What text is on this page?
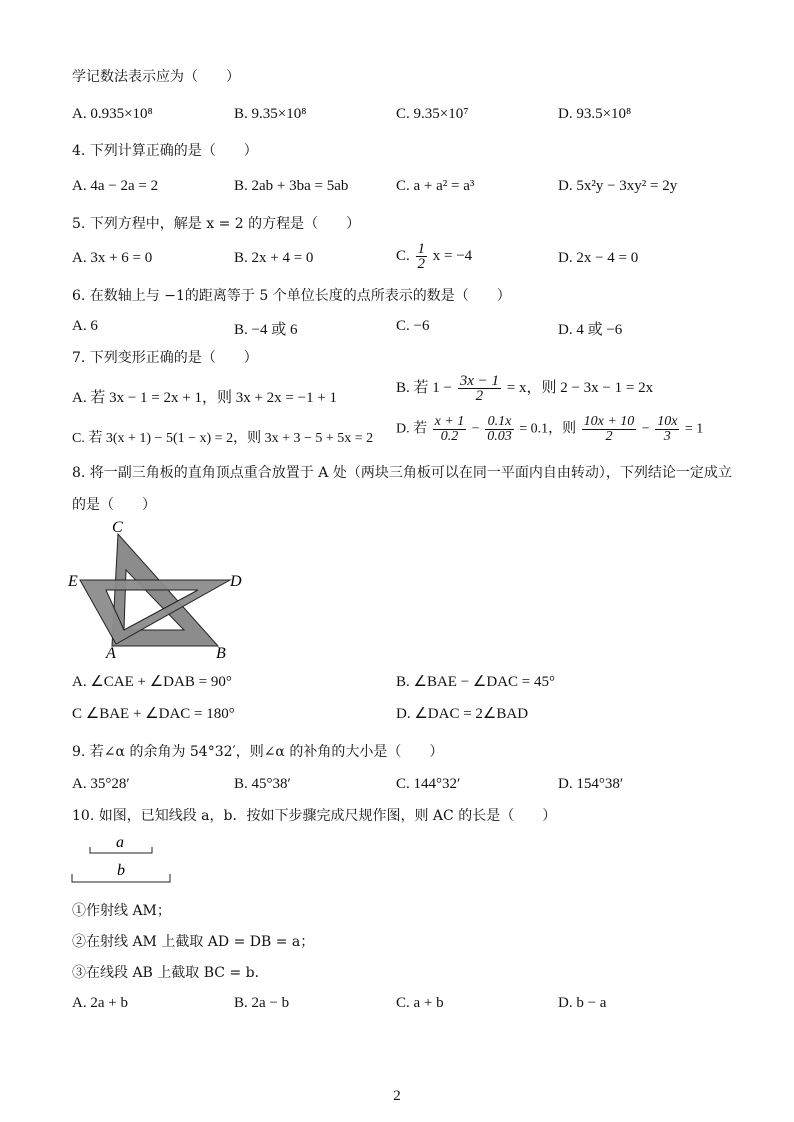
学记数法表示应为（　　）
A. 0.935×10⁸	B. 9.35×10⁸	C. 9.35×10⁷	D. 93.5×10⁸
4. 下列计算正确的是（　　）
A. 4a − 2a = 2	B. 2ab + 3ba = 5ab	C. a + a² = a³	D. 5x²y − 3xy² = 2y
5. 下列方程中，解是 x = 2 的方程是（　　）
A. 3x + 6 = 0	B. 2x + 4 = 0	C. $\frac{1}{2}$ x = −4	D. 2x − 4 = 0
6. 在数轴上与 −1的距离等于 5 个单位长度的点所表示的数是（　　）
A. 6	B. −4 或 6	C. −6	D. 4 或 −6
7. 下列变形正确的是（　　）
A. 若 3x − 1 = 2x + 1，则 3x + 2x = −1 + 1
B. 若 $1 - \frac{3x - 1}{2} = x$，则 2 − 3x − 1 = 2x
C. 若 3(x + 1) − 5(1 − x) = 2，则 3x + 3 − 5 + 5x = 2
D. 若 $\frac{x + 1}{0.2} - \frac{0.1x}{0.03} = 0.1$，则 $\frac{10x + 10}{2} - \frac{10x}{3} = 1$
8. 将一副三角板的直角顶点重合放置于 A 处（两块三角板可以在同一平面内自由转动），下列结论一定成立
的是（　　）
C
E	D
A	B
A. ∠CAE + ∠DAB = 90°	B. ∠BAE − ∠DAC = 45°
C ∠BAE + ∠DAC = 180°	D. ∠DAC = 2∠BAD
9. 若∠α 的余角为 54°32′，则∠α 的补角的大小是（　　）
A. 35°28′	B. 45°38′	C. 144°32′	D. 154°38′
10. 如图，已知线段 a，b．按如下步骤完成尺规作图，则 AC 的长是（　　）
a
b
①作射线 AM；
②在射线 AM 上截取 AD = DB = a；
③在线段 AB 上截取 BC = b．
A. 2a + b	B. 2a − b	C. a + b	D. b − a
2
